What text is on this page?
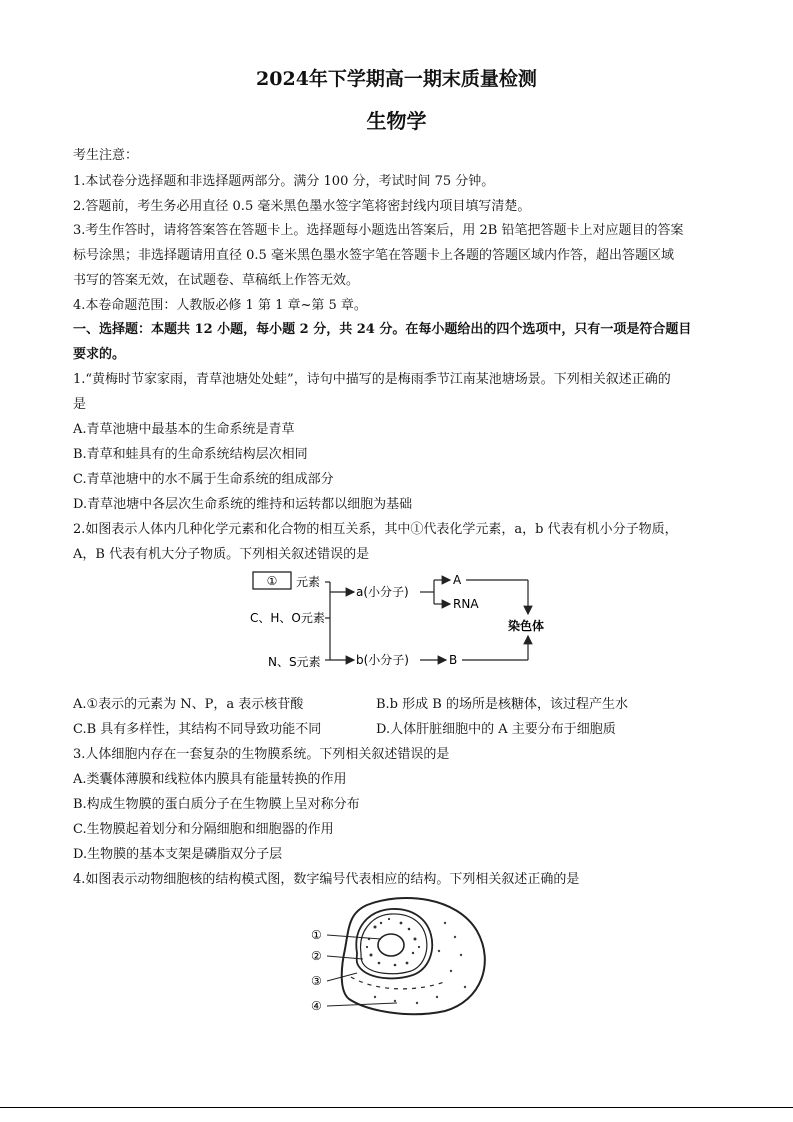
2024年下学期高一期末质量检测
生物学
考生注意：
1.本试卷分选择题和非选择题两部分。满分 100 分，考试时间 75 分钟。
2.答题前，考生务必用直径 0.5 毫米黑色墨水签字笔将密封线内项目填写清楚。
3.考生作答时，请将答案答在答题卡上。选择题每小题选出答案后，用 2B 铅笔把答题卡上对应题目的答案
标号涂黑；非选择题请用直径 0.5 毫米黑色墨水签字笔在答题卡上各题的答题区域内作答，超出答题区域
书写的答案无效，在试题卷、草稿纸上作答无效。
4.本卷命题范围：人教版必修 1 第 1 章~第 5 章。
一、选择题：本题共 12 小题，每小题 2 分，共 24 分。在每小题给出的四个选项中，只有一项是符合题目
要求的。
1.“黄梅时节家家雨，青草池塘处处蛙”，诗句中描写的是梅雨季节江南某池塘场景。下列相关叙述正确的
是
A.青草池塘中最基本的生命系统是青草
B.青草和蛙具有的生命系统结构层次相同
C.青草池塘中的水不属于生命系统的组成部分
D.青草池塘中各层次生命系统的维持和运转都以细胞为基础
2.如图表示人体内几种化学元素和化合物的相互关系，其中①代表化学元素，a，b 代表有机小分子物质，
A，B 代表有机大分子物质。下列相关叙述错误的是
① 元素
C、H、O元素
N、S元素
a(小分子)
b(小分子)
A
RNA
B
染色体
A.①表示的元素为 N、P，a 表示核苷酸	B.b 形成 B 的场所是核糖体，该过程产生水
C.B 具有多样性，其结构不同导致功能不同	D.人体肝脏细胞中的 A 主要分布于细胞质
3.人体细胞内存在一套复杂的生物膜系统。下列相关叙述错误的是
A.类囊体薄膜和线粒体内膜具有能量转换的作用
B.构成生物膜的蛋白质分子在生物膜上呈对称分布
C.生物膜起着划分和分隔细胞和细胞器的作用
D.生物膜的基本支架是磷脂双分子层
4.如图表示动物细胞核的结构模式图，数字编号代表相应的结构。下列相关叙述正确的是
①
②
③
④
